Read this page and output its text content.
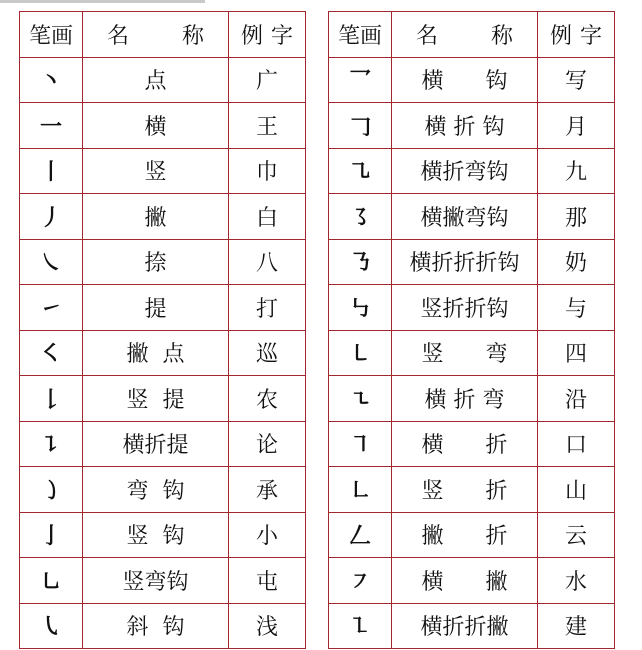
笔画	名 称	例 字

丶	点	广

一	横	王

丨	竖	巾

丿	撇	白

㇏	捺	八

㇀	提	打

㇛	撇  点	巡

𠄌	竖  提	农

㇊	横折提	论

㇁	弯  钩	承

亅	竖  钩	小

㇟	竖弯钩	屯

㇂	斜  钩	浅
笔画	名 称	例 字

乛	横      钩	写

𠃌	横 折 钩	月

㇈	横折弯钩	九

㇌	横撇弯钩	那

㇡	横折折折钩	奶

㇉	竖折折钩	与

㇄	竖      弯	四

㇍	横 折 弯	沿

㇕	横      折	口

㇗	竖      折	山

𠃋	撇      折	云

㇇	横      撇	水

㇅	横折折撇	建
